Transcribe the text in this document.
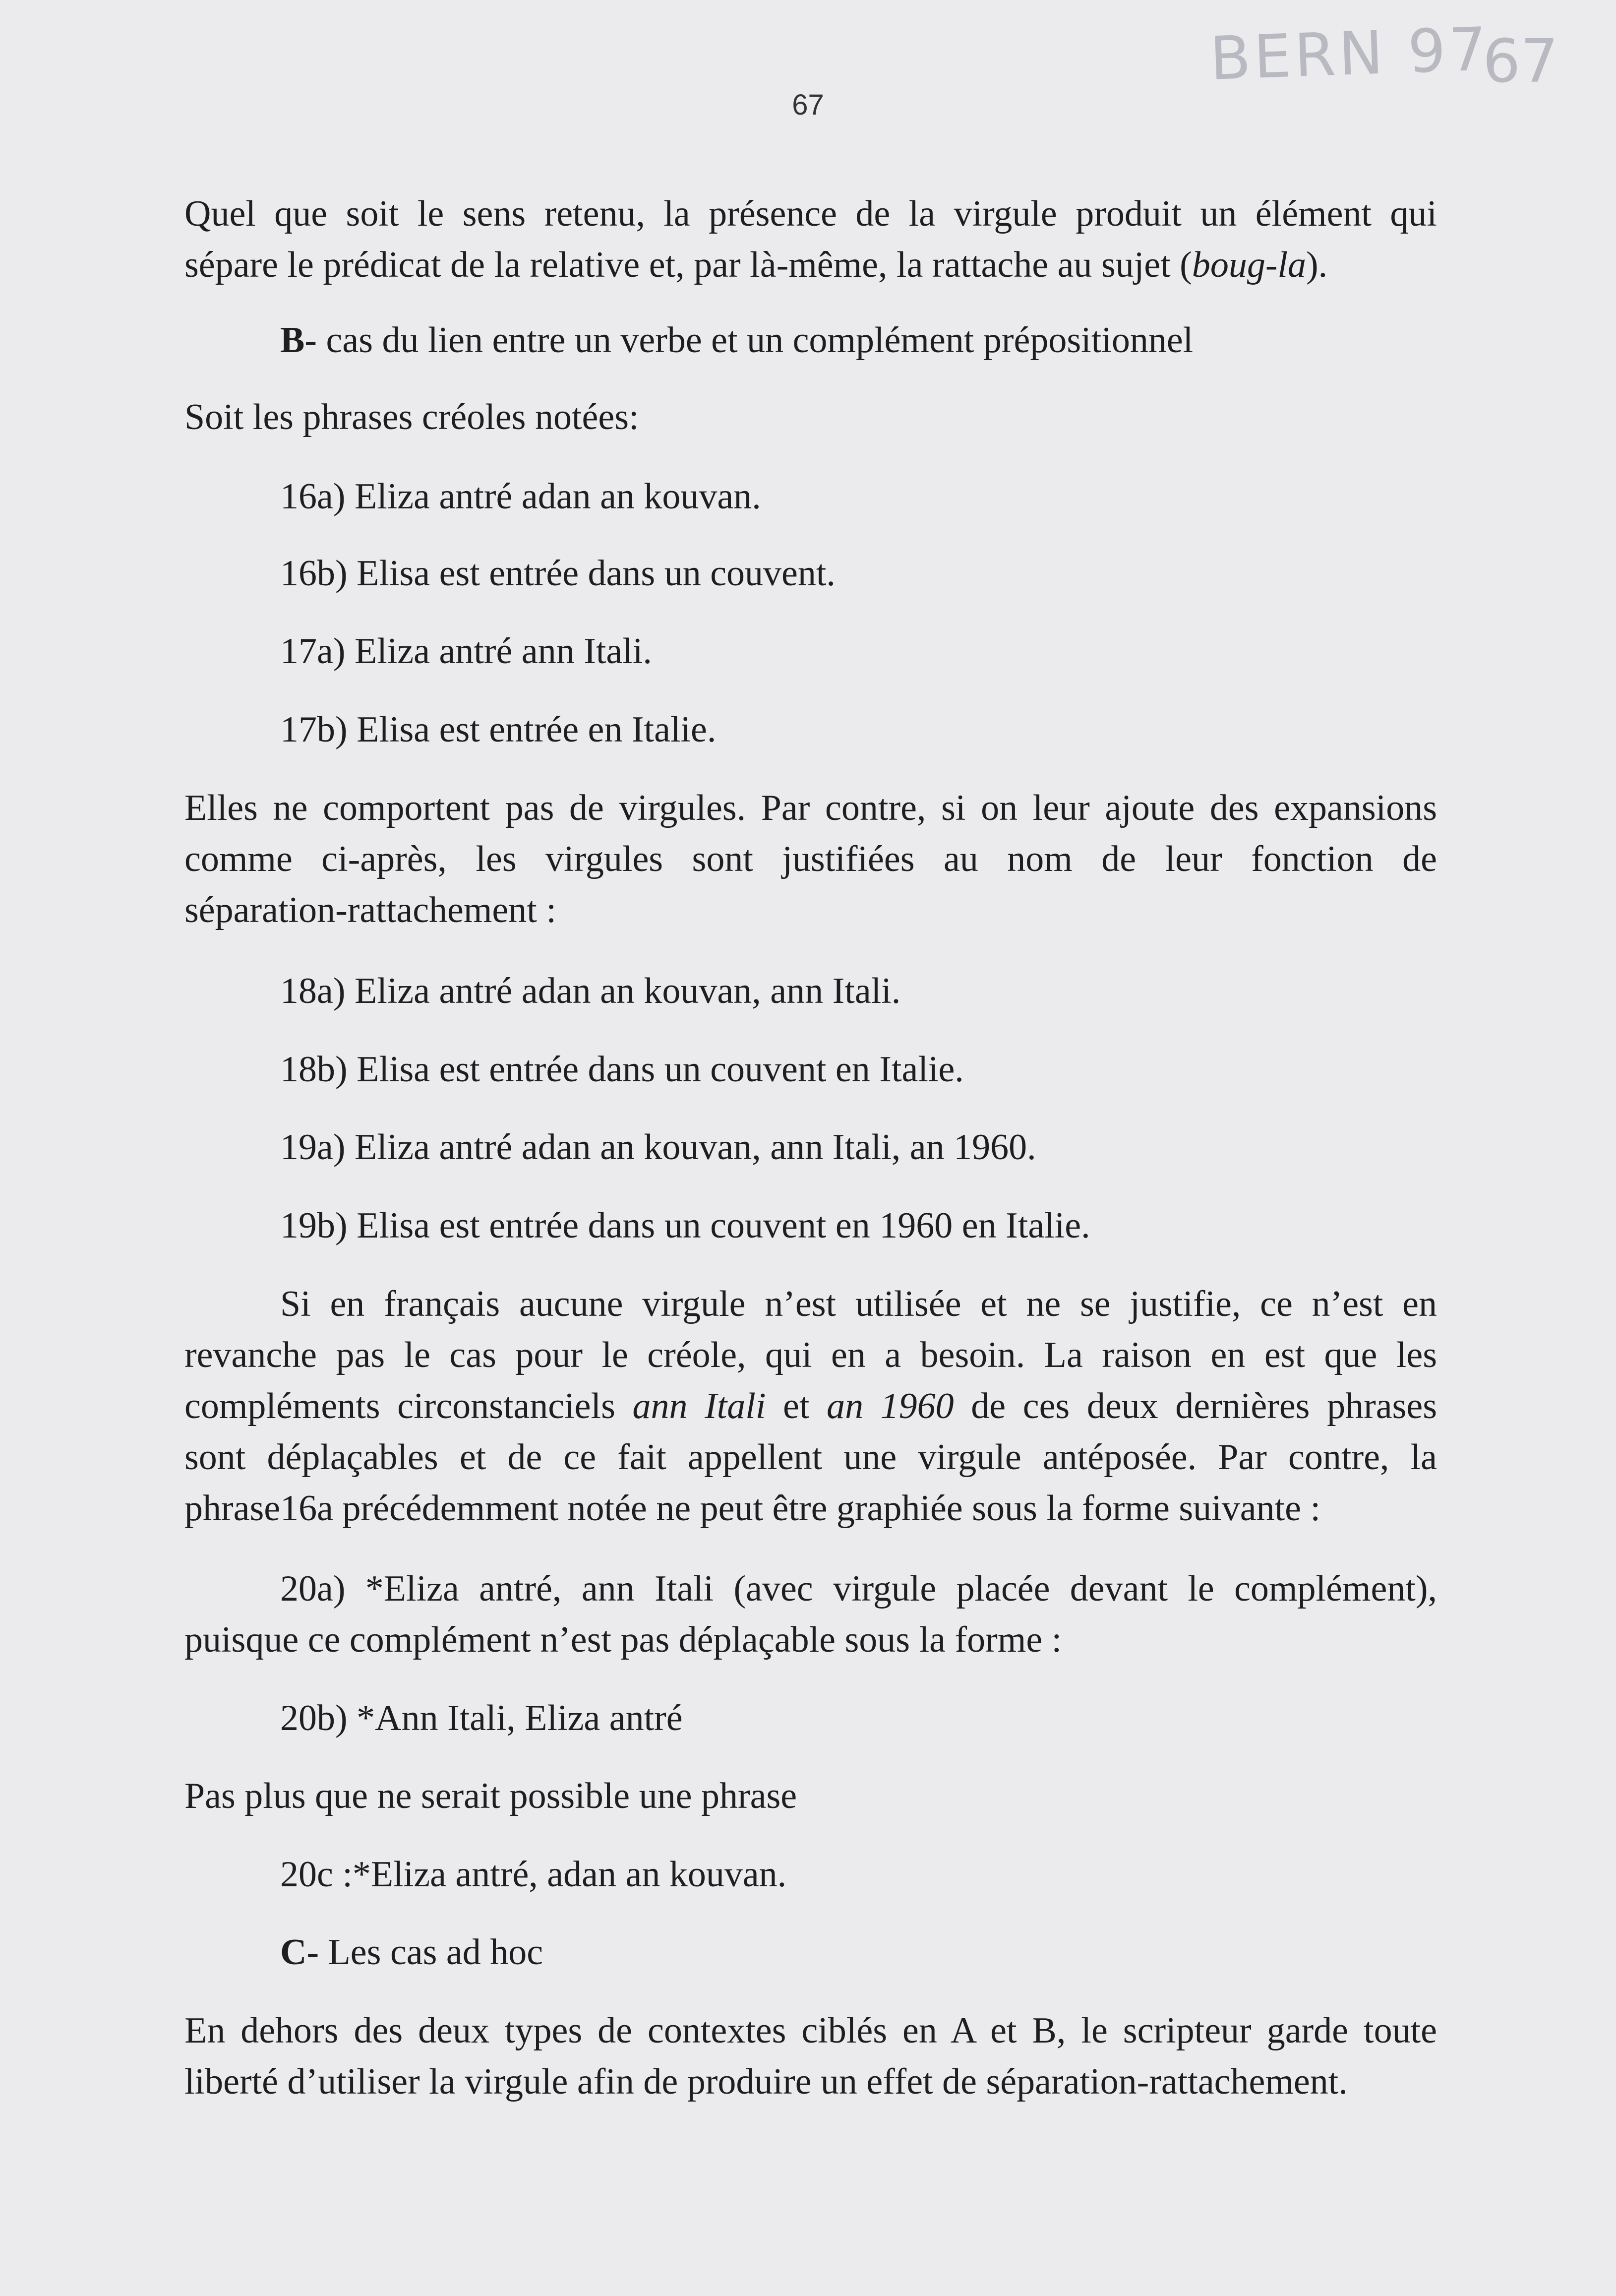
BERN 97
67
67
Quel que soit le sens retenu, la présence de la virgule produit un élément qui
sépare le prédicat de la relative et, par là-même, la rattache au sujet (boug-la).
B- cas du lien entre un verbe et un complément prépositionnel
Soit les phrases créoles notées:
16a) Eliza antré adan an kouvan.
16b) Elisa est entrée dans un couvent.
17a) Eliza antré ann Itali.
17b) Elisa est entrée en Italie.
Elles ne comportent pas de virgules. Par contre, si on leur ajoute des expansions
comme ci-après, les virgules sont justifiées au nom de leur fonction de
séparation-rattachement :
18a) Eliza antré adan an kouvan, ann Itali.
18b) Elisa est entrée dans un couvent en Italie.
19a) Eliza antré adan an kouvan, ann Itali, an 1960.
19b) Elisa est entrée dans un couvent en 1960 en Italie.
Si en français aucune virgule n’est utilisée et ne se justifie, ce n’est en
revanche pas le cas pour le créole, qui en a besoin. La raison en est que les
compléments circonstanciels ann Itali et an 1960 de ces deux dernières phrases
sont déplaçables et de ce fait appellent une virgule antéposée. Par contre, la
phrase16a précédemment notée ne peut être graphiée sous la forme suivante :
20a) *Eliza antré, ann Itali (avec virgule placée devant le complément),
puisque ce complément n’est pas déplaçable sous la forme :
20b) *Ann Itali, Eliza antré
Pas plus que ne serait possible une phrase
20c :*Eliza antré, adan an kouvan.
C- Les cas ad hoc
En dehors des deux types de contextes ciblés en A et B, le scripteur garde toute
liberté d’utiliser la virgule afin de produire un effet de séparation-rattachement.
